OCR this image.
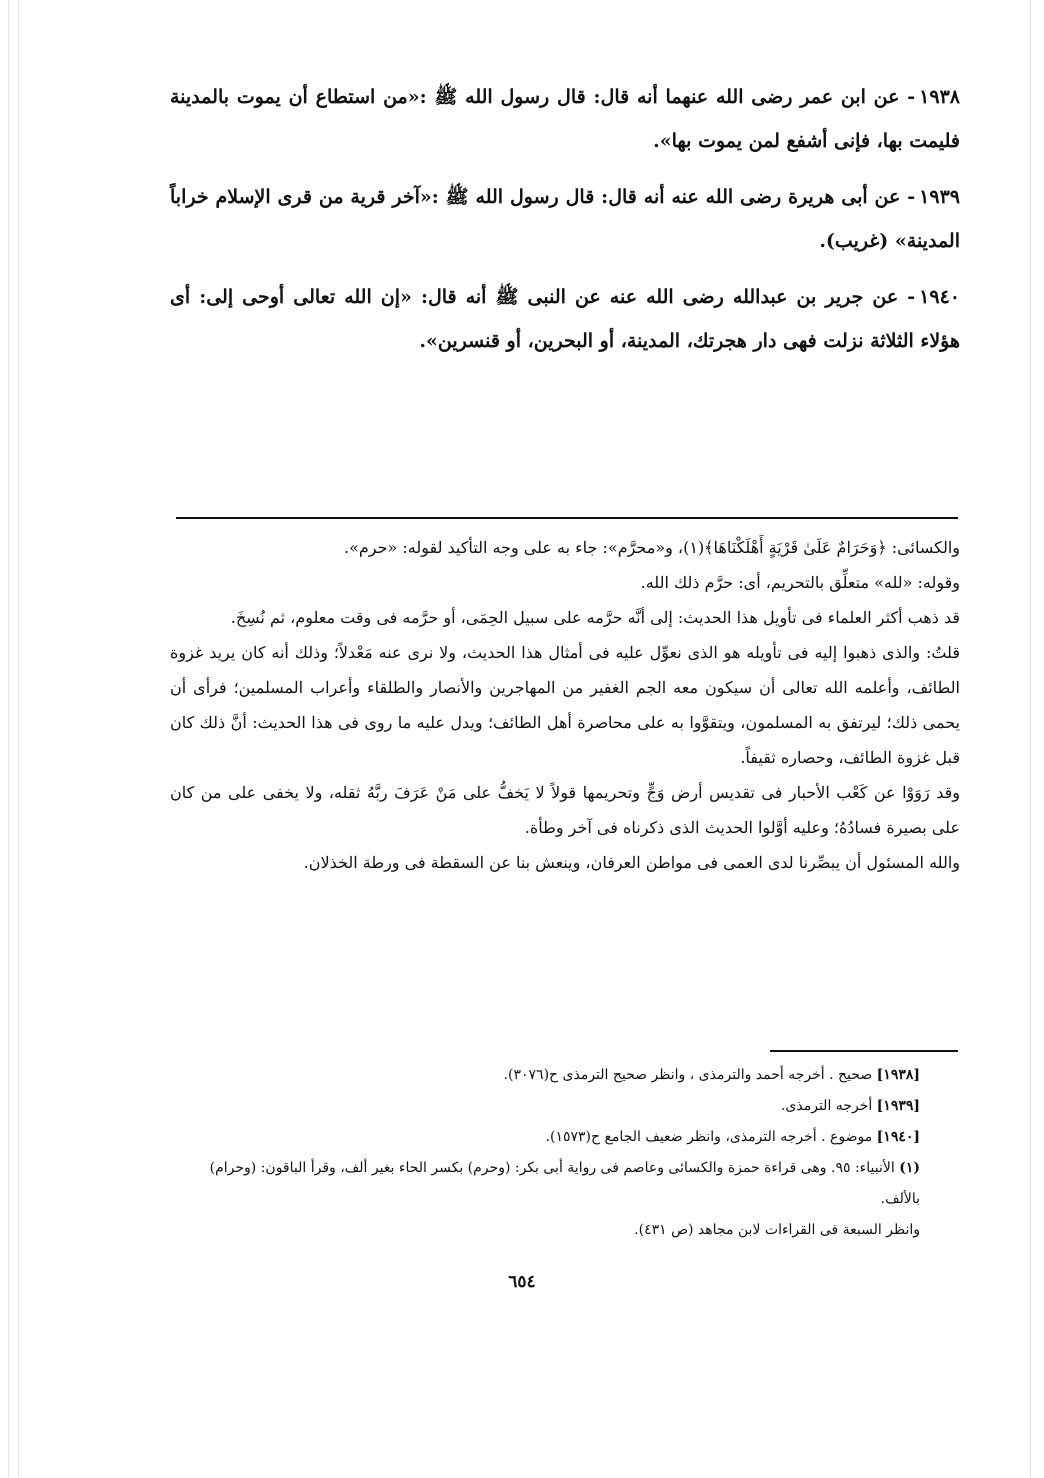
١٩٣٨- عن ابن عمر رضى الله عنهما أنه قال: قال رسول الله ﷺ :«من استطاع أن يموت بالمدينة فليمت بها، فإنى أشفع لمن يموت بها».

١٩٣٩- عن أبى هريرة رضى الله عنه أنه قال: قال رسول الله ﷺ :«آخر قرية من قرى الإسلام خراباً المدينة» (غريب).

١٩٤٠- عن جرير بن عبدالله رضى الله عنه عن النبى ﷺ أنه قال: «إن الله تعالى أوحى إلى: أى هؤلاء الثلاثة نزلت فهى دار هجرتك، المدينة، أو البحرين، أو قنسرين».

والكسائى: ﴿وَحَرَامٌ عَلَىٰ قَرْيَةٍ أَهْلَكْنَاهَا﴾(١)، و«محرَّم»: جاء به على وجه التأكيد لقوله: «حرم».

وقوله: «لله» متعلِّق بالتحريم، أى: حرَّم ذلك الله.

قد ذهب أكثر العلماء فى تأويل هذا الحديث: إلى أنَّه حرَّمه على سبيل الحِمَى، أو حرَّمه فى وقت معلوم، ثم نُسِخَ.

قلتُ: والذى ذهبوا إليه فى تأويله هو الذى نعوِّل عليه فى أمثال هذا الحديث، ولا نرى عنه مَعْدلاً؛ وذلك أنه كان يريد غزوة الطائف، وأعلمه الله تعالى أن سيكون معه الجم الغفير من المهاجرين والأنصار والطلقاء وأعراب المسلمين؛ فرأى أن يحمى ذلك؛ ليرتفق به المسلمون، ويتقوَّوا به على محاصرة أهل الطائف؛ ويدل عليه ما روى فى هذا الحديث: أنَّ ذلك كان قبل غزوة الطائف، وحصاره ثقيفاً.

وقد رَوَوْا عن كَعْب الأحبار فى تقديس أرض وَجٍّ وتحريمها قولاً لا يَخفُّ على مَنْ عَرَفَ ربَّهُ ثقله، ولا يخفى على من كان على بصيرة فسادُهُ؛ وعليه أوَّلوا الحديث الذى ذكرناه فى آخر وطأة.

والله المسئول أن يبصِّرنا لدى العمى فى مواطن العرفان، وينعش بنا عن السقطة فى ورطة الخذلان.

[١٩٣٨] صحيح . أخرجه أحمد والترمذى ، وانظر صحيح الترمذى ح(٣٠٧٦).

[١٩٣٩] أخرجه الترمذى.

[١٩٤٠] موضوع . أخرجه الترمذى، وانظر ضعيف الجامع ح(١٥٧٣).

(١) الأنبياء: ٩٥. وهى قراءة حمزة والكسائى وعاصم فى رواية أبى بكر: (وحرم) بكسر الحاء بغير ألف، وقرأ الباقون: (وحرام) بالألف.

وانظر السبعة فى القراءات لابن مجاهد (ص ٤٣١).

٦٥٤
